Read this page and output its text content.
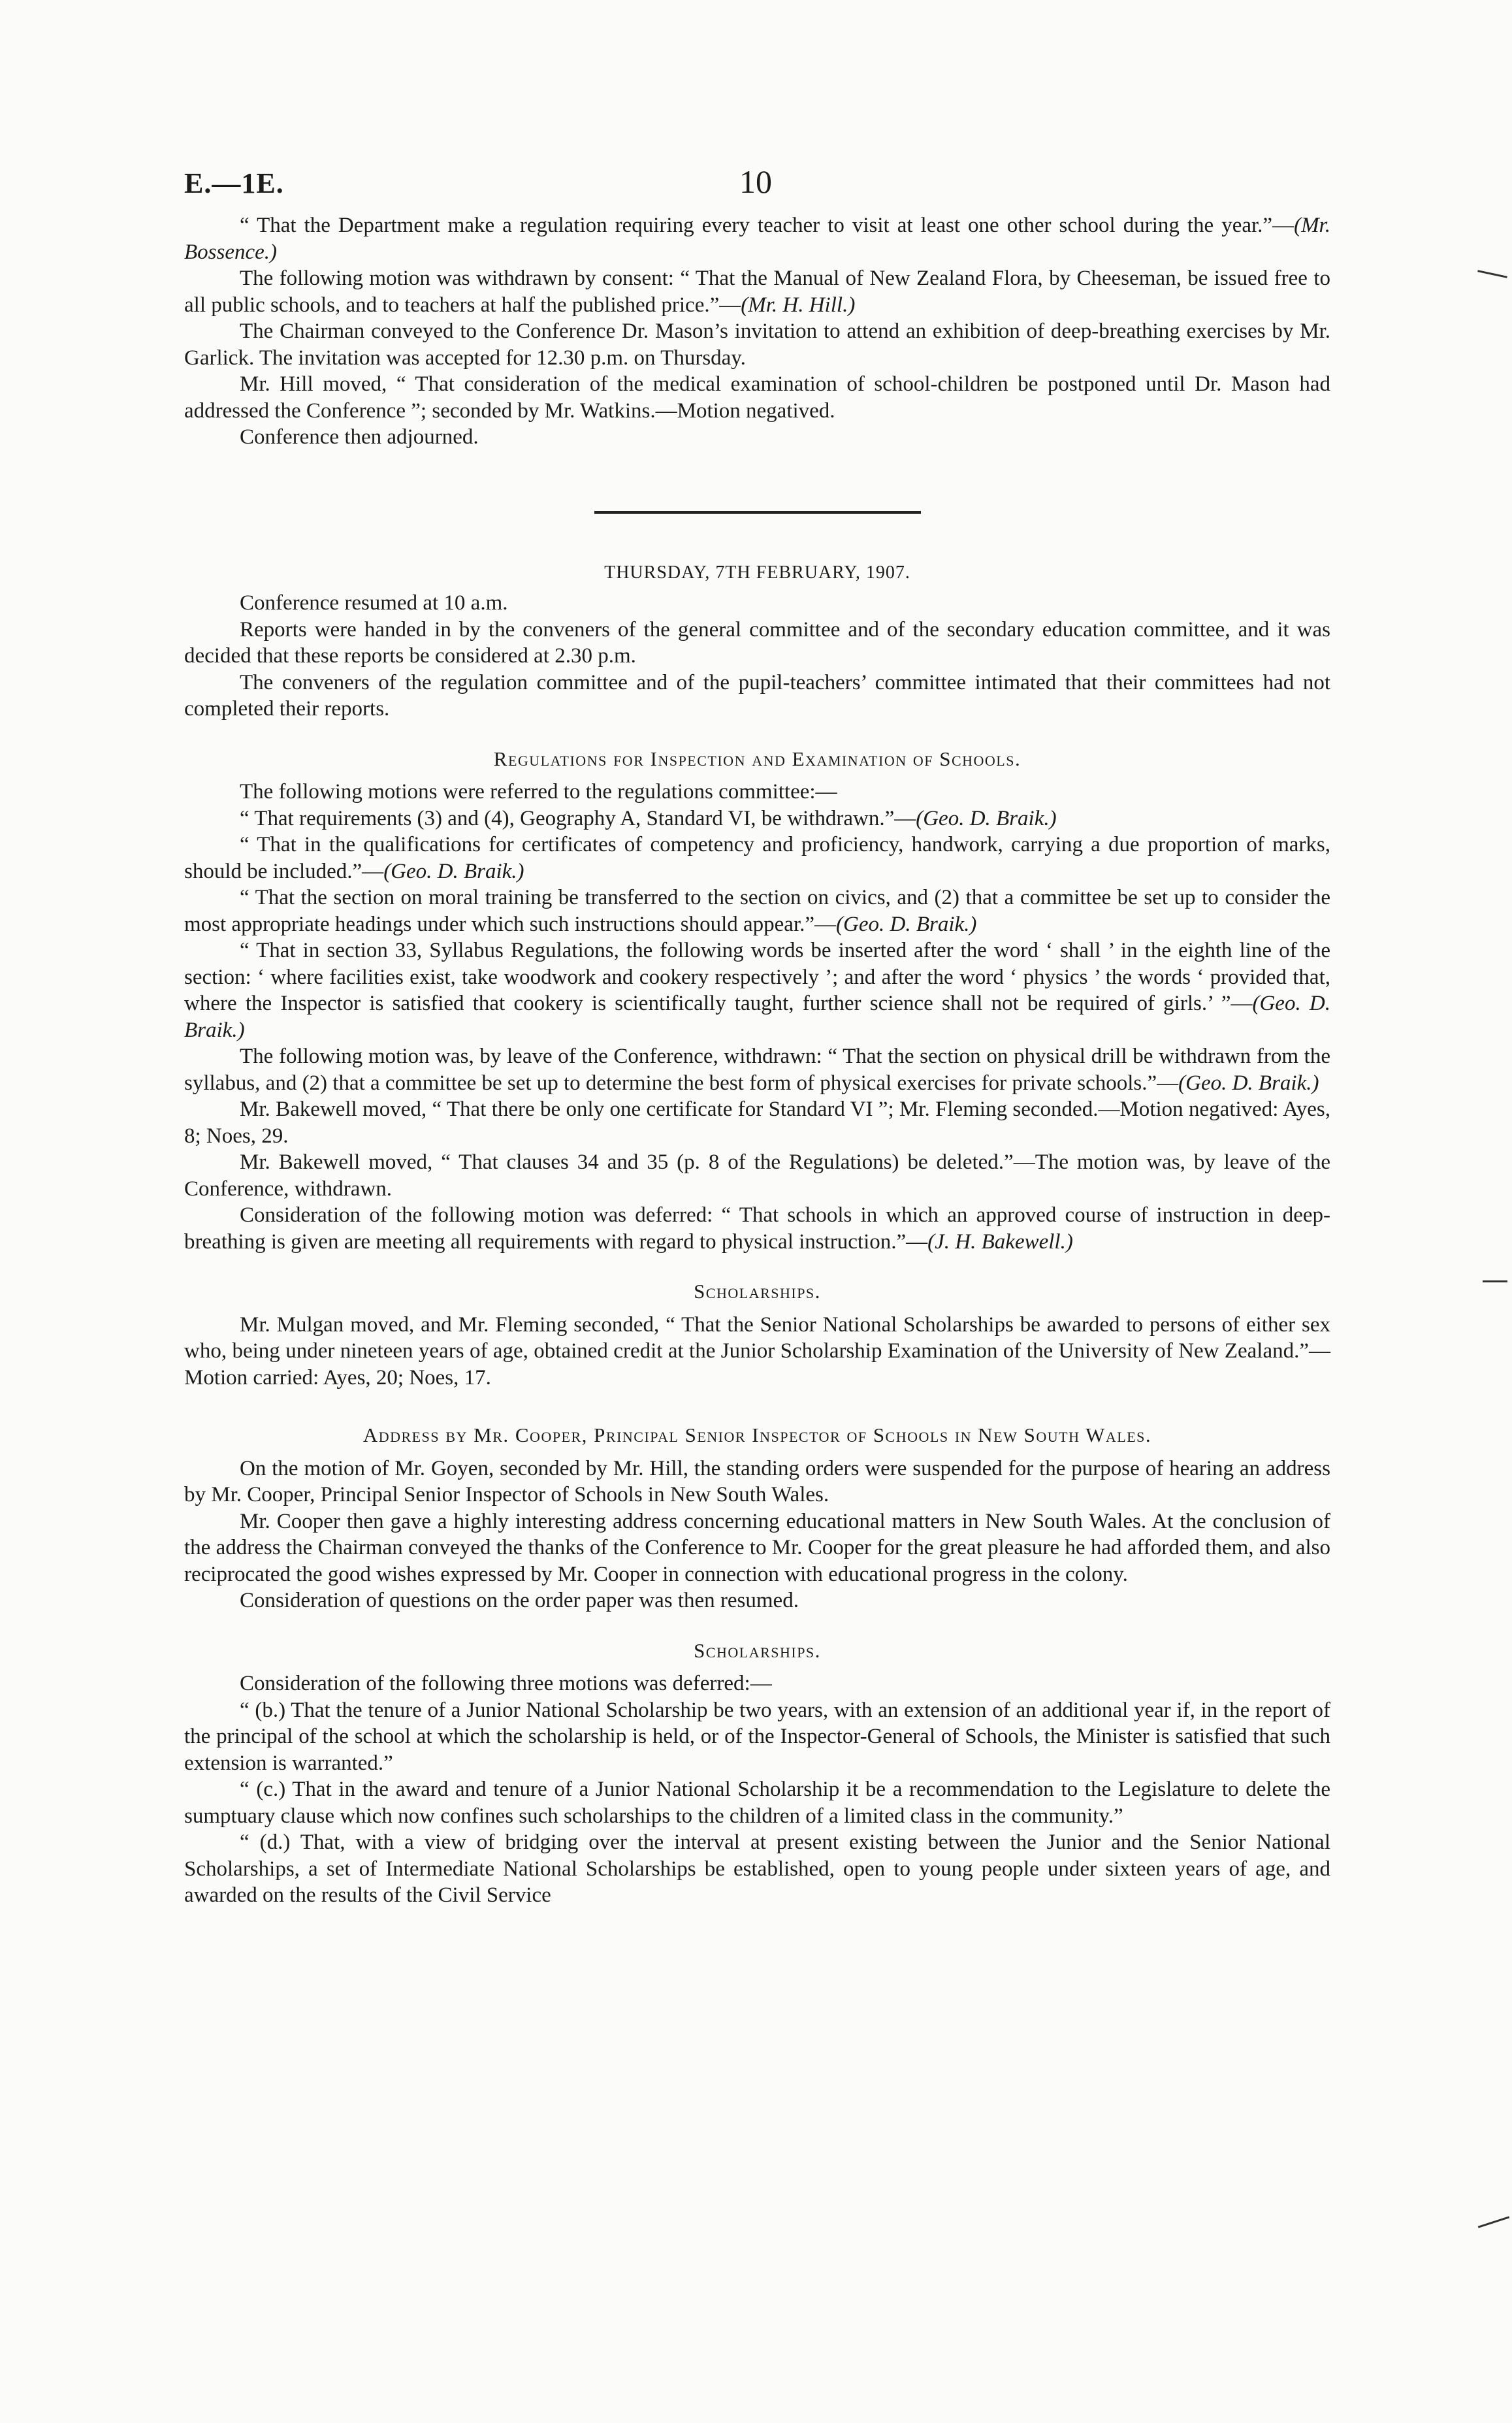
E.—1E.	10

“ That the Department make a regulation requiring every teacher to visit at least one other school during the year.”—(Mr. Bossence.)

The following motion was withdrawn by consent: “ That the Manual of New Zealand Flora, by Cheeseman, be issued free to all public schools, and to teachers at half the published price.”—(Mr. H. Hill.)

The Chairman conveyed to the Conference Dr. Mason’s invitation to attend an exhibition of deep-breathing exercises by Mr. Garlick. The invitation was accepted for 12.30 p.m. on Thursday.

Mr. Hill moved, “ That consideration of the medical examination of school-children be postponed until Dr. Mason had addressed the Conference ”; seconded by Mr. Watkins.—Motion negatived.

Conference then adjourned.

THURSDAY, 7TH FEBRUARY, 1907.

Conference resumed at 10 a.m.

Reports were handed in by the conveners of the general committee and of the secondary education committee, and it was decided that these reports be considered at 2.30 p.m.

The conveners of the regulation committee and of the pupil-teachers’ committee intimated that their committees had not completed their reports.

Regulations for Inspection and Examination of Schools.

The following motions were referred to the regulations committee:—

“ That requirements (3) and (4), Geography A, Standard VI, be withdrawn.”—(Geo. D. Braik.)

“ That in the qualifications for certificates of competency and proficiency, handwork, carrying a due proportion of marks, should be included.”—(Geo. D. Braik.)

“ That the section on moral training be transferred to the section on civics, and (2) that a committee be set up to consider the most appropriate headings under which such instructions should appear.”—(Geo. D. Braik.)

“ That in section 33, Syllabus Regulations, the following words be inserted after the word ‘ shall ’ in the eighth line of the section: ‘ where facilities exist, take woodwork and cookery respectively ’; and after the word ‘ physics ’ the words ‘ provided that, where the Inspector is satisfied that cookery is scientifically taught, further science shall not be required of girls.’ ”—(Geo. D. Braik.)

The following motion was, by leave of the Conference, withdrawn: “ That the section on physical drill be withdrawn from the syllabus, and (2) that a committee be set up to determine the best form of physical exercises for private schools.”—(Geo. D. Braik.)

Mr. Bakewell moved, “ That there be only one certificate for Standard VI ”; Mr. Fleming seconded.—Motion negatived: Ayes, 8; Noes, 29.

Mr. Bakewell moved, “ That clauses 34 and 35 (p. 8 of the Regulations) be deleted.”—The motion was, by leave of the Conference, withdrawn.

Consideration of the following motion was deferred: “ That schools in which an approved course of instruction in deep-breathing is given are meeting all requirements with regard to physical instruction.”—(J. H. Bakewell.)

Scholarships.

Mr. Mulgan moved, and Mr. Fleming seconded, “ That the Senior National Scholarships be awarded to persons of either sex who, being under nineteen years of age, obtained credit at the Junior Scholarship Examination of the University of New Zealand.”—Motion carried: Ayes, 20; Noes, 17.

Address by Mr. Cooper, Principal Senior Inspector of Schools in New South Wales.

On the motion of Mr. Goyen, seconded by Mr. Hill, the standing orders were suspended for the purpose of hearing an address by Mr. Cooper, Principal Senior Inspector of Schools in New South Wales.

Mr. Cooper then gave a highly interesting address concerning educational matters in New South Wales. At the conclusion of the address the Chairman conveyed the thanks of the Conference to Mr. Cooper for the great pleasure he had afforded them, and also reciprocated the good wishes expressed by Mr. Cooper in connection with educational progress in the colony.

Consideration of questions on the order paper was then resumed.

Scholarships.

Consideration of the following three motions was deferred:—

“ (b.) That the tenure of a Junior National Scholarship be two years, with an extension of an additional year if, in the report of the principal of the school at which the scholarship is held, or of the Inspector-General of Schools, the Minister is satisfied that such extension is warranted.”

“ (c.) That in the award and tenure of a Junior National Scholarship it be a recommendation to the Legislature to delete the sumptuary clause which now confines such scholarships to the children of a limited class in the community.”

“ (d.) That, with a view of bridging over the interval at present existing between the Junior and the Senior National Scholarships, a set of Intermediate National Scholarships be established, open to young people under sixteen years of age, and awarded on the results of the Civil Service
